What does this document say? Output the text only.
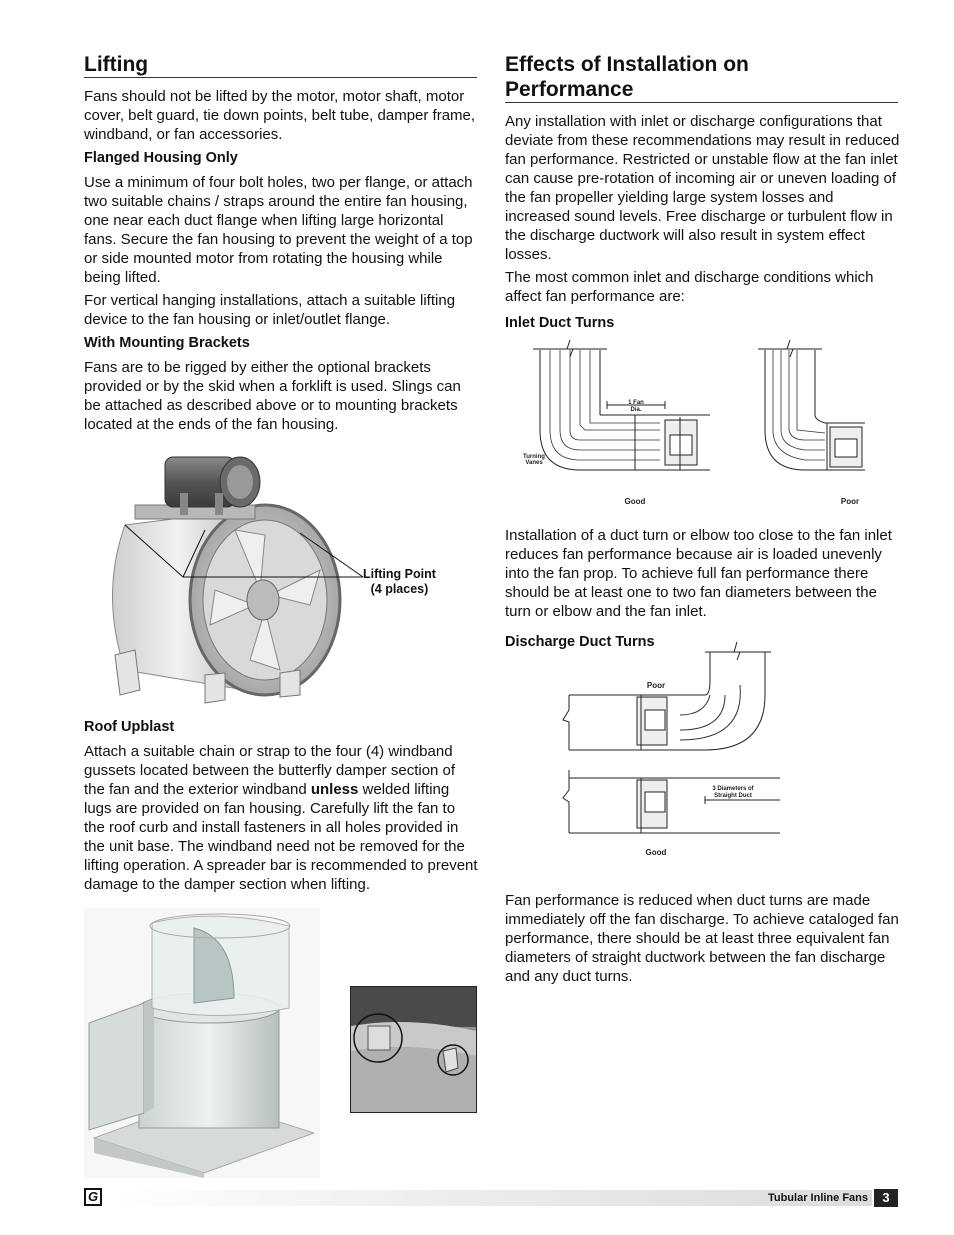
Lifting

Fans should not be lifted by the motor, motor shaft, motor cover, belt guard, tie down points, belt tube, damper frame, windband, or fan accessories.

Flanged Housing Only

Use a minimum of four bolt holes, two per flange, or attach two suitable chains / straps around the entire fan housing, one near each duct flange when lifting large horizontal fans. Secure the fan housing to prevent the weight of a top or side mounted motor from rotating the housing while being lifted.

For vertical hanging installations, attach a suitable lifting device to the fan housing or inlet/outlet flange.

With Mounting Brackets

Fans are to be rigged by either the optional brackets provided or by the skid when a forklift is used. Slings can be attached as described above or to mounting brackets located at the ends of the fan housing.

Lifting Point
(4 places)

Roof Upblast

Attach a suitable chain or strap to the four (4) windband gussets located between the butterfly damper section of the fan and the exterior windband unless welded lifting lugs are provided on fan housing. Carefully lift the fan to the roof curb and install fasteners in all holes provided in the unit base. The windband need not be removed for the lifting operation. A spreader bar is recommended to prevent damage to the damper section when lifting.

Effects of Installation on
Performance

Any installation with inlet or discharge configurations that deviate from these recommendations may result in reduced fan performance. Restricted or unstable flow at the fan inlet can cause pre-rotation of incoming air or uneven loading of the fan propeller yielding large system losses and increased sound levels. Free discharge or turbulent flow in the discharge ductwork will also result in system effect losses.

The most common inlet and discharge conditions which affect fan performance are:

Inlet Duct Turns

1 Fan
Dia.
Turning
Vanes
Good	Poor

Installation of a duct turn or elbow too close to the fan inlet reduces fan performance because air is loaded unevenly into the fan prop. To achieve full fan performance there should be at least one to two fan diameters between the turn or elbow and the fan inlet.

Discharge Duct Turns

Poor
Good
3 Diameters of
Straight Duct

Fan performance is reduced when duct turns are made immediately off the fan discharge. To achieve cataloged fan performance, there should be at least three equivalent fan diameters of straight ductwork between the fan discharge and any duct turns.

G	Tubular Inline Fans	3
